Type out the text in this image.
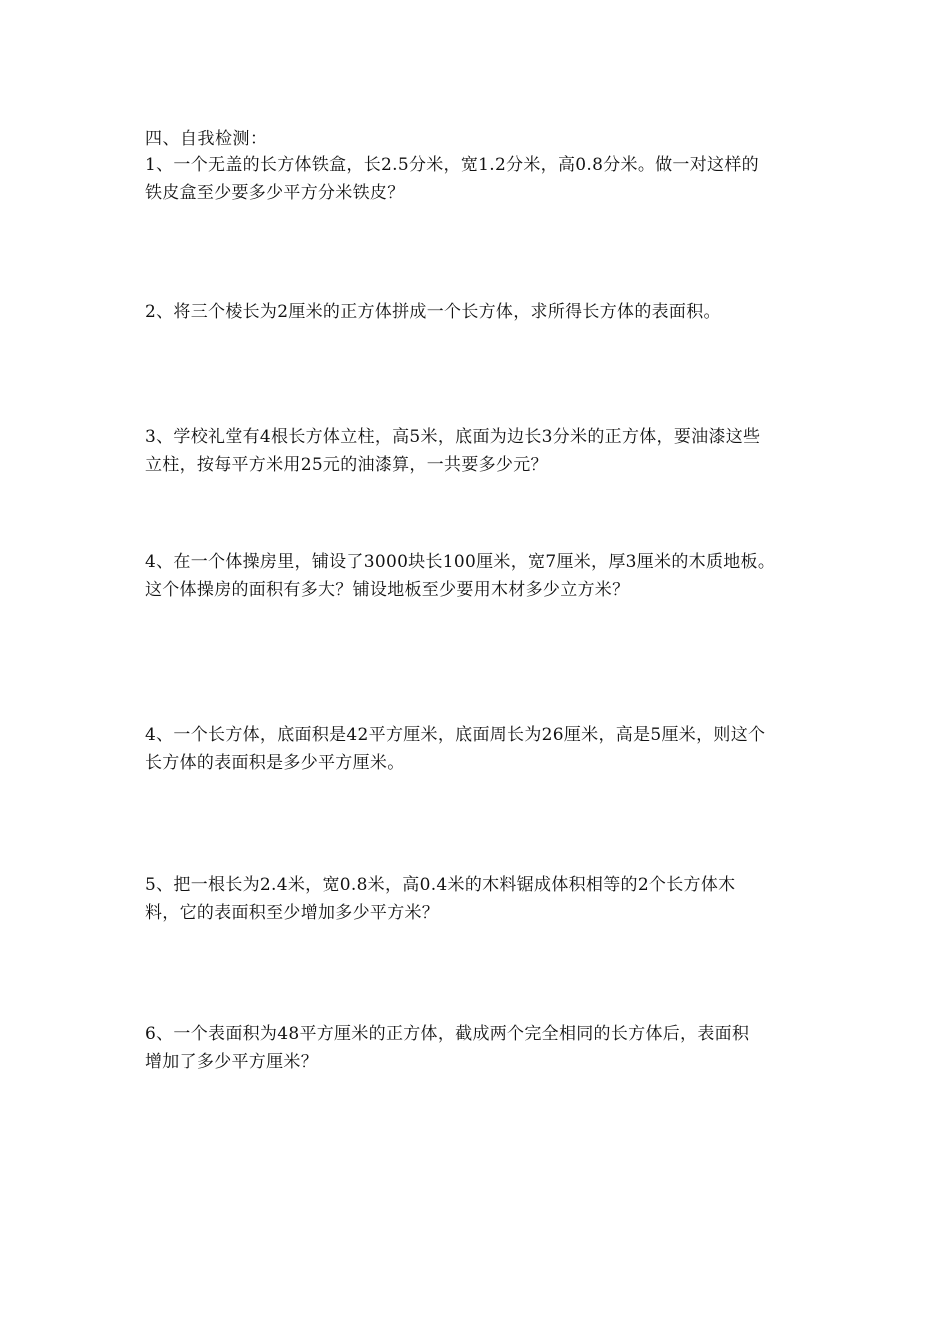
四、自我检测：
1、一个无盖的长方体铁盒，长2.5分米，宽1.2分米，高0.8分米。做一对这样的
铁皮盒至少要多少平方分米铁皮？
2、将三个棱长为2厘米的正方体拼成一个长方体，求所得长方体的表面积。
3、学校礼堂有4根长方体立柱，高5米，底面为边长3分米的正方体，要油漆这些
立柱，按每平方米用25元的油漆算，一共要多少元？
4、在一个体操房里，铺设了3000块长100厘米，宽7厘米，厚3厘米的木质地板。
这个体操房的面积有多大？铺设地板至少要用木材多少立方米？
4、一个长方体，底面积是42平方厘米，底面周长为26厘米，高是5厘米，则这个
长方体的表面积是多少平方厘米。
5、把一根长为2.4米，宽0.8米，高0.4米的木料锯成体积相等的2个长方体木
料，它的表面积至少增加多少平方米？
6、一个表面积为48平方厘米的正方体，截成两个完全相同的长方体后，表面积
增加了多少平方厘米？
